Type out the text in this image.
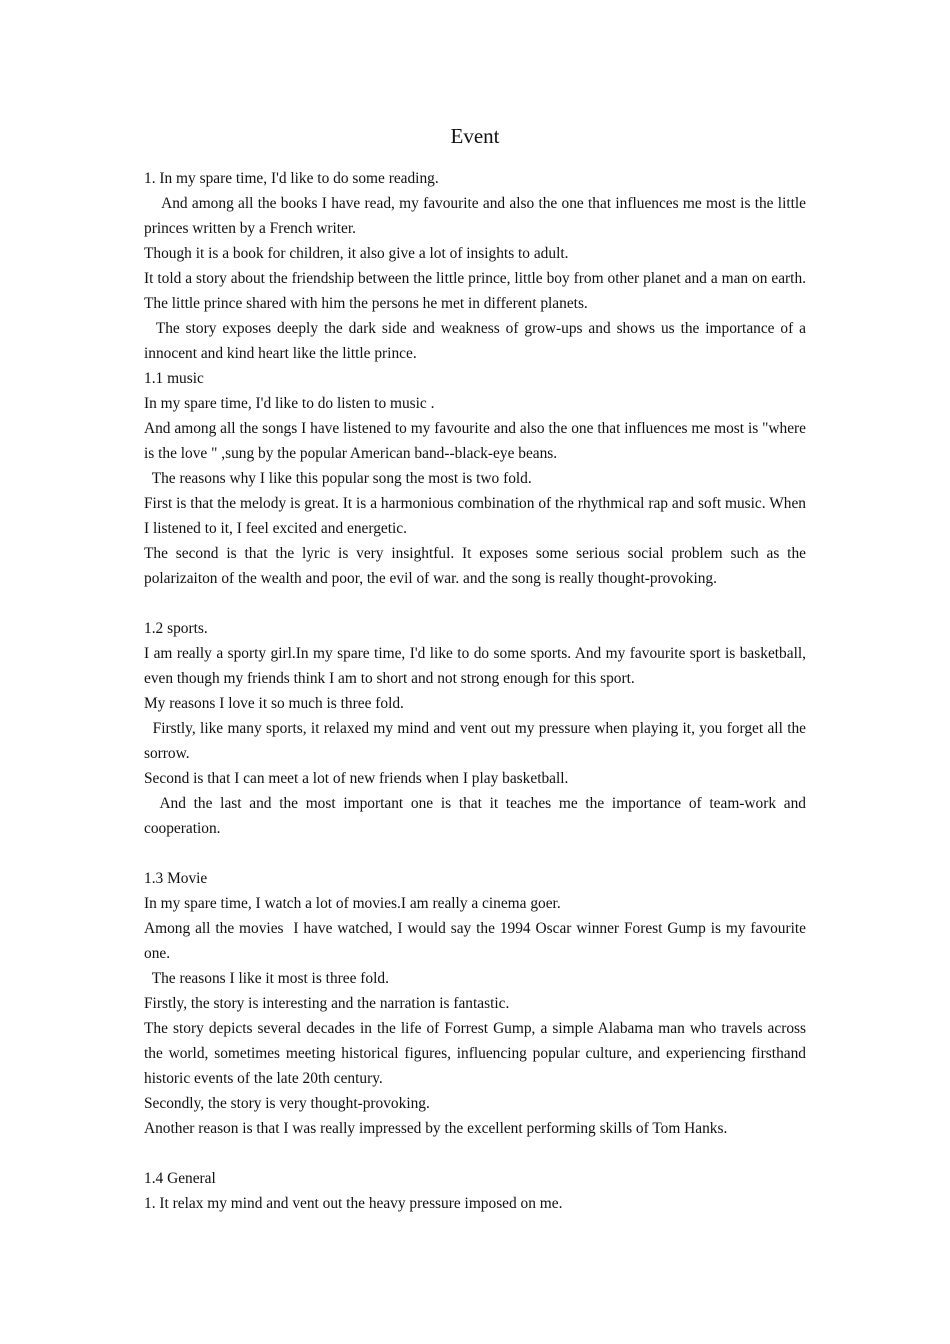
Event

1. In my spare time, I'd like to do some reading.

And among all the books I have read, my favourite and also the one that influences me most is the little princes written by a French writer.

Though it is a book for children, it also give a lot of insights to adult.

It told a story about the friendship between the little prince, little boy from other planet and a man on earth. The little prince shared with him the persons he met in different planets.

The story exposes deeply the dark side and weakness of grow-ups and shows us the importance of a innocent and kind heart like the little prince.

1.1 music

In my spare time, I'd like to do listen to music .

And among all the songs I have listened to my favourite and also the one that influences me most is "where is the love " ,sung by the popular American band--black-eye beans.

The reasons why I like this popular song the most is two fold.

First is that the melody is great. It is a harmonious combination of the rhythmical rap and soft music. When I listened to it, I feel excited and energetic.

The second is that the lyric is very insightful. It exposes some serious social problem such as the polarizaiton of the wealth and poor, the evil of war. and the song is really thought-provoking.

1.2 sports.

I am really a sporty girl.In my spare time, I'd like to do some sports. And my favourite sport is basketball, even though my friends think I am to short and not strong enough for this sport.

My reasons I love it so much is three fold.

Firstly, like many sports, it relaxed my mind and vent out my pressure when playing it, you forget all the sorrow.

Second is that I can meet a lot of new friends when I play basketball.

And the last and the most important one is that it teaches me the importance of team-work and cooperation.

1.3 Movie

In my spare time, I watch a lot of movies.I am really a cinema goer.

Among all the movies  I have watched, I would say the 1994 Oscar winner Forest Gump is my favourite one.

The reasons I like it most is three fold.

Firstly, the story is interesting and the narration is fantastic.

The story depicts several decades in the life of Forrest Gump, a simple Alabama man who travels across the world, sometimes meeting historical figures, influencing popular culture, and experiencing firsthand historic events of the late 20th century.

Secondly, the story is very thought-provoking.

Another reason is that I was really impressed by the excellent performing skills of Tom Hanks.

1.4 General

1. It relax my mind and vent out the heavy pressure imposed on me.
